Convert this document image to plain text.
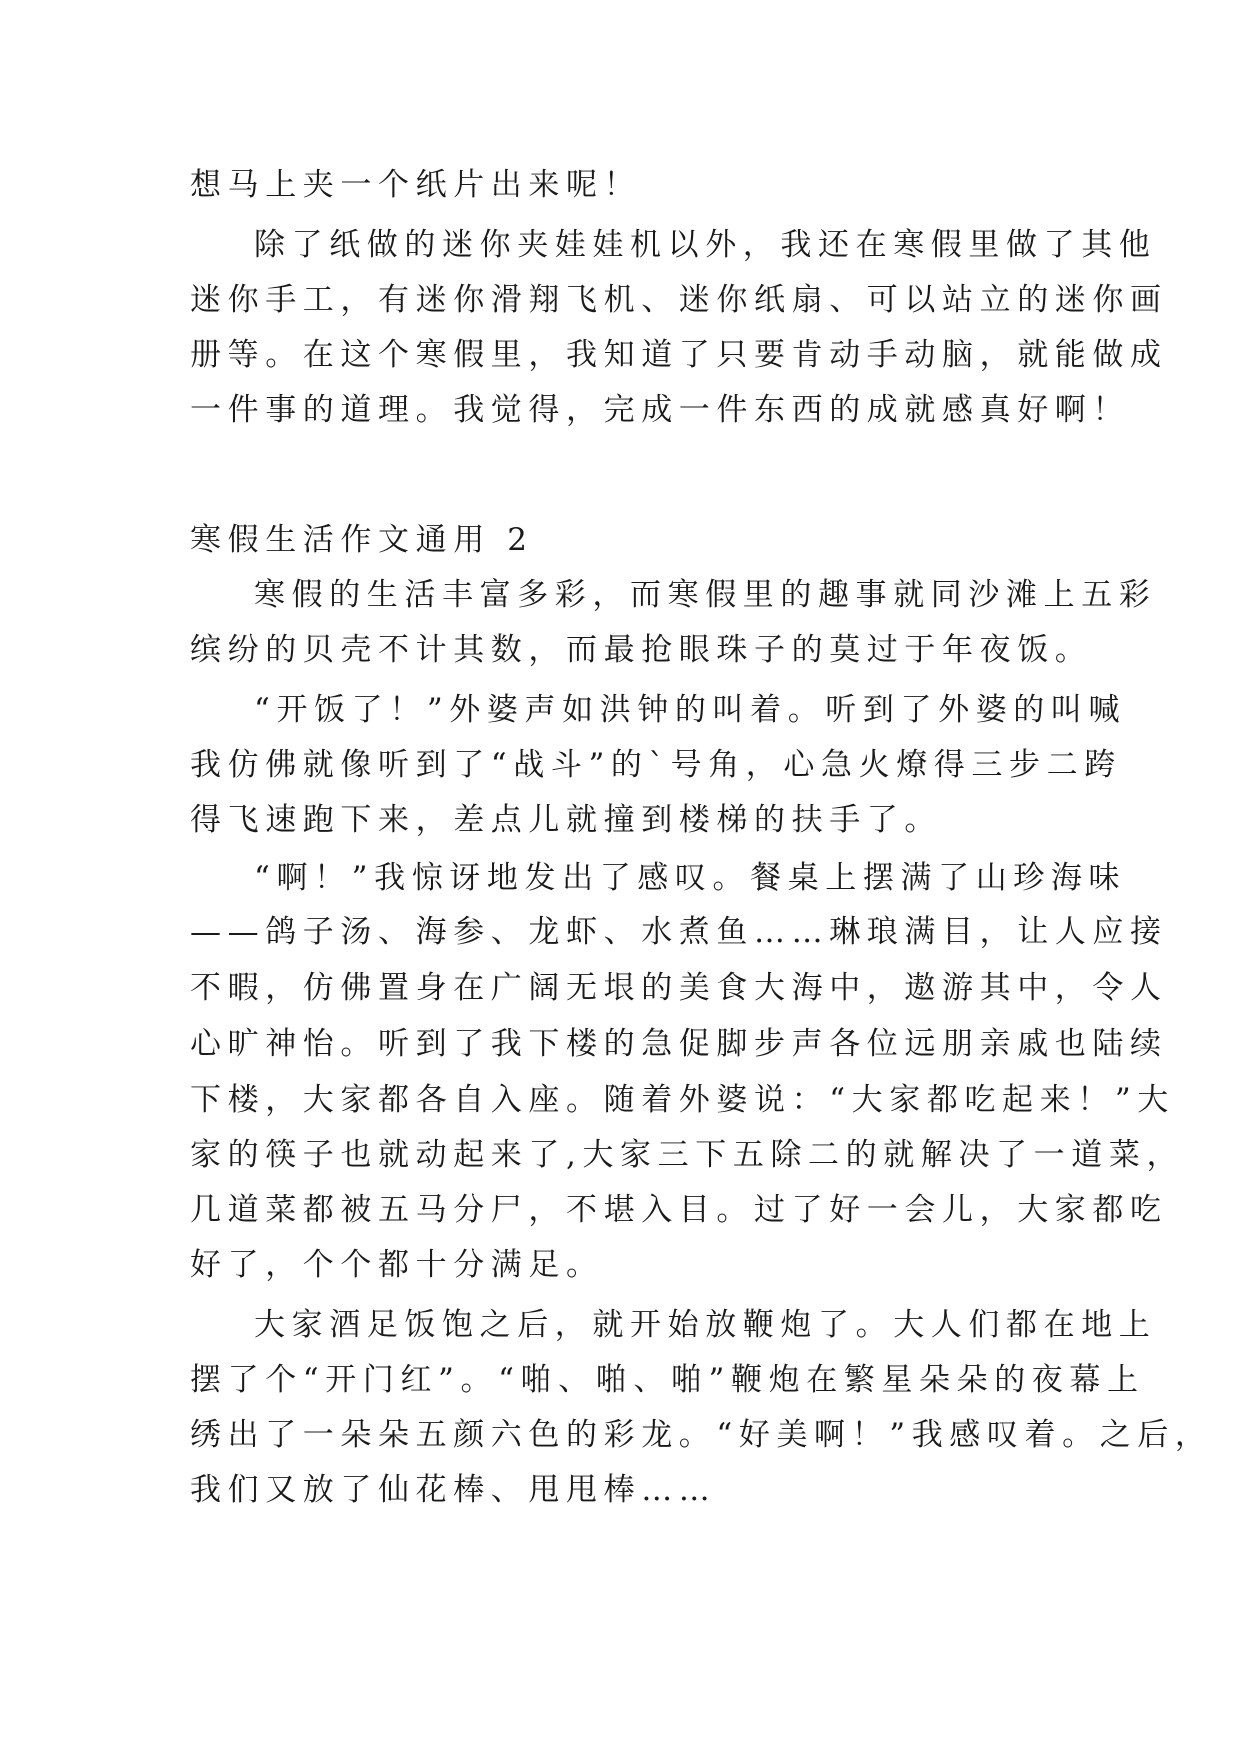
想马上夹一个纸片出来呢！
除了纸做的迷你夹娃娃机以外，我还在寒假里做了其他
迷你手工，有迷你滑翔飞机、迷你纸扇、可以站立的迷你画
册等。在这个寒假里，我知道了只要肯动手动脑，就能做成
一件事的道理。我觉得，完成一件东西的成就感真好啊！
寒假生活作文通用 2
寒假的生活丰富多彩，而寒假里的趣事就同沙滩上五彩
缤纷的贝壳不计其数，而最抢眼珠子的莫过于年夜饭。
“开饭了！”外婆声如洪钟的叫着。听到了外婆的叫喊
我仿佛就像听到了“战斗”的`号角，心急火燎得三步二跨
得飞速跑下来，差点儿就撞到楼梯的扶手了。
“啊！”我惊讶地发出了感叹。餐桌上摆满了山珍海味
——鸽子汤、海参、龙虾、水煮鱼……琳琅满目，让人应接
不暇，仿佛置身在广阔无垠的美食大海中，遨游其中，令人
心旷神怡。听到了我下楼的急促脚步声各位远朋亲戚也陆续
下楼，大家都各自入座。随着外婆说：“大家都吃起来！”大
家的筷子也就动起来了,大家三下五除二的就解决了一道菜，
几道菜都被五马分尸，不堪入目。过了好一会儿，大家都吃
好了，个个都十分满足。
大家酒足饭饱之后，就开始放鞭炮了。大人们都在地上
摆了个“开门红”。“啪、啪、啪”鞭炮在繁星朵朵的夜幕上
绣出了一朵朵五颜六色的彩龙。“好美啊！”我感叹着。之后，
我们又放了仙花棒、甩甩棒……
